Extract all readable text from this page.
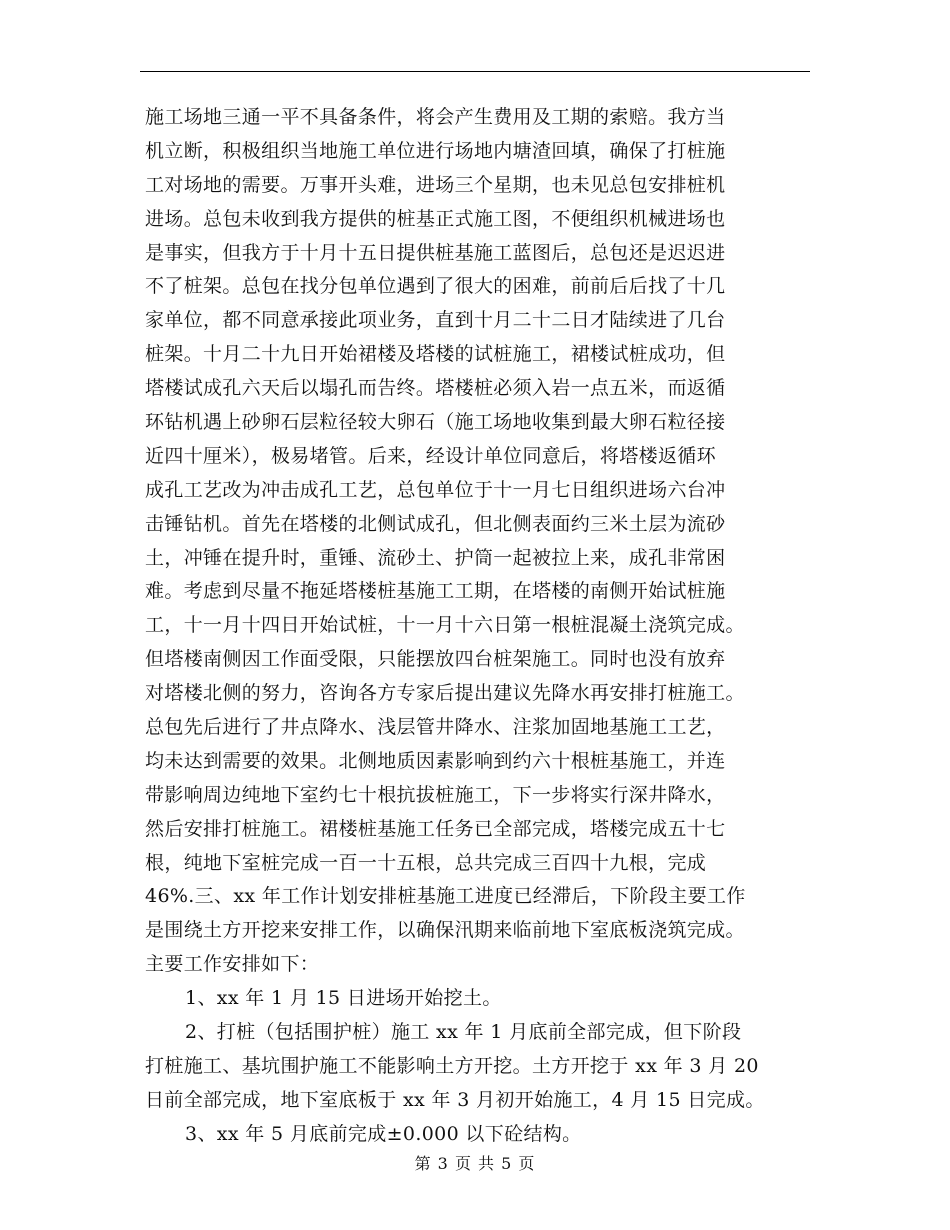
施工场地三通一平不具备条件，将会产生费用及工期的索赔。我方当
机立断，积极组织当地施工单位进行场地内塘渣回填，确保了打桩施
工对场地的需要。万事开头难，进场三个星期，也未见总包安排桩机
进场。总包未收到我方提供的桩基正式施工图，不便组织机械进场也
是事实，但我方于十月十五日提供桩基施工蓝图后，总包还是迟迟进
不了桩架。总包在找分包单位遇到了很大的困难，前前后后找了十几
家单位，都不同意承接此项业务，直到十月二十二日才陆续进了几台
桩架。十月二十九日开始裙楼及塔楼的试桩施工，裙楼试桩成功，但
塔楼试成孔六天后以塌孔而告终。塔楼桩必须入岩一点五米，而返循
环钻机遇上砂卵石层粒径较大卵石（施工场地收集到最大卵石粒径接
近四十厘米），极易堵管。后来，经设计单位同意后，将塔楼返循环
成孔工艺改为冲击成孔工艺，总包单位于十一月七日组织进场六台冲
击锤钻机。首先在塔楼的北侧试成孔，但北侧表面约三米土层为流砂
土，冲锤在提升时，重锤、流砂土、护筒一起被拉上来，成孔非常困
难。考虑到尽量不拖延塔楼桩基施工工期，在塔楼的南侧开始试桩施
工，十一月十四日开始试桩，十一月十六日第一根桩混凝土浇筑完成。
但塔楼南侧因工作面受限，只能摆放四台桩架施工。同时也没有放弃
对塔楼北侧的努力，咨询各方专家后提出建议先降水再安排打桩施工。
总包先后进行了井点降水、浅层管井降水、注浆加固地基施工工艺，
均未达到需要的效果。北侧地质因素影响到约六十根桩基施工，并连
带影响周边纯地下室约七十根抗拔桩施工，下一步将实行深井降水，
然后安排打桩施工。裙楼桩基施工任务已全部完成，塔楼完成五十七
根，纯地下室桩完成一百一十五根，总共完成三百四十九根，完成
46%.三、xx 年工作计划安排桩基施工进度已经滞后，下阶段主要工作
是围绕土方开挖来安排工作，以确保汛期来临前地下室底板浇筑完成。
主要工作安排如下：
1、xx 年 1 月 15 日进场开始挖土。
2、打桩（包括围护桩）施工 xx 年 1 月底前全部完成，但下阶段
打桩施工、基坑围护施工不能影响土方开挖。土方开挖于 xx 年 3 月 20
日前全部完成，地下室底板于 xx 年 3 月初开始施工，4 月 15 日完成。
3、xx 年 5 月底前完成±0.000 以下砼结构。
第 3 页 共 5 页
